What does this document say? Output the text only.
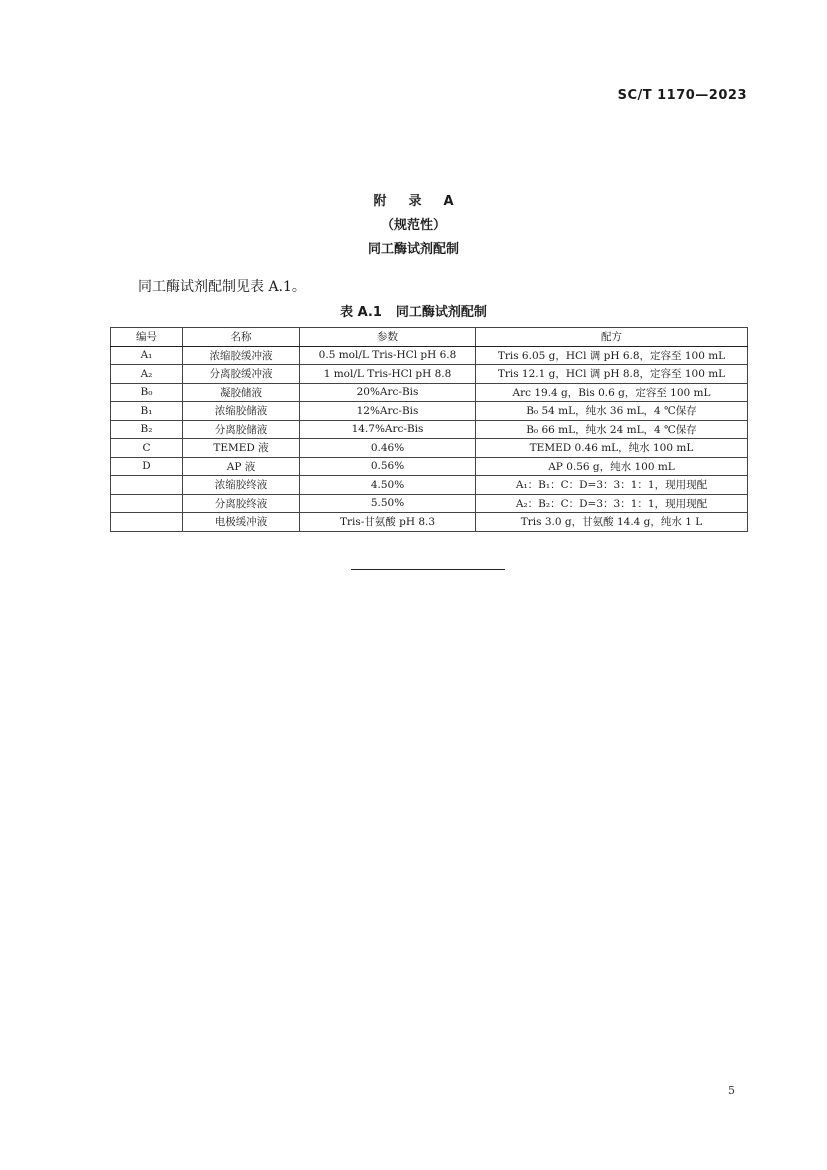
SC/T 1170—2023
附 录 A
（规范性）
同工酶试剂配制
同工酶试剂配制见表 A.1。
表 A.1 同工酶试剂配制
编号	名称	参数	配方
A₁	浓缩胶缓冲液	0.5 mol/L Tris-HCl pH 6.8	Tris 6.05 g，HCl 调 pH 6.8，定容至 100 mL
A₂	分离胶缓冲液	1 mol/L Tris-HCl pH 8.8	Tris 12.1 g，HCl 调 pH 8.8，定容至 100 mL
B₀	凝胶储液	20%Arc-Bis	Arc 19.4 g，Bis 0.6 g，定容至 100 mL
B₁	浓缩胶储液	12%Arc-Bis	B₀ 54 mL，纯水 36 mL，4 ℃保存
B₂	分离胶储液	14.7%Arc-Bis	B₀ 66 mL，纯水 24 mL，4 ℃保存
C	TEMED 液	0.46%	TEMED 0.46 mL，纯水 100 mL
D	AP 液	0.56%	AP 0.56 g，纯水 100 mL
	浓缩胶终液	4.50%	A₁：B₁：C：D=3：3：1：1，现用现配
	分离胶终液	5.50%	A₂：B₂：C：D=3：3：1：1，现用现配
	电极缓冲液	Tris-甘氨酸 pH 8.3	Tris 3.0 g，甘氨酸 14.4 g，纯水 1 L
5
